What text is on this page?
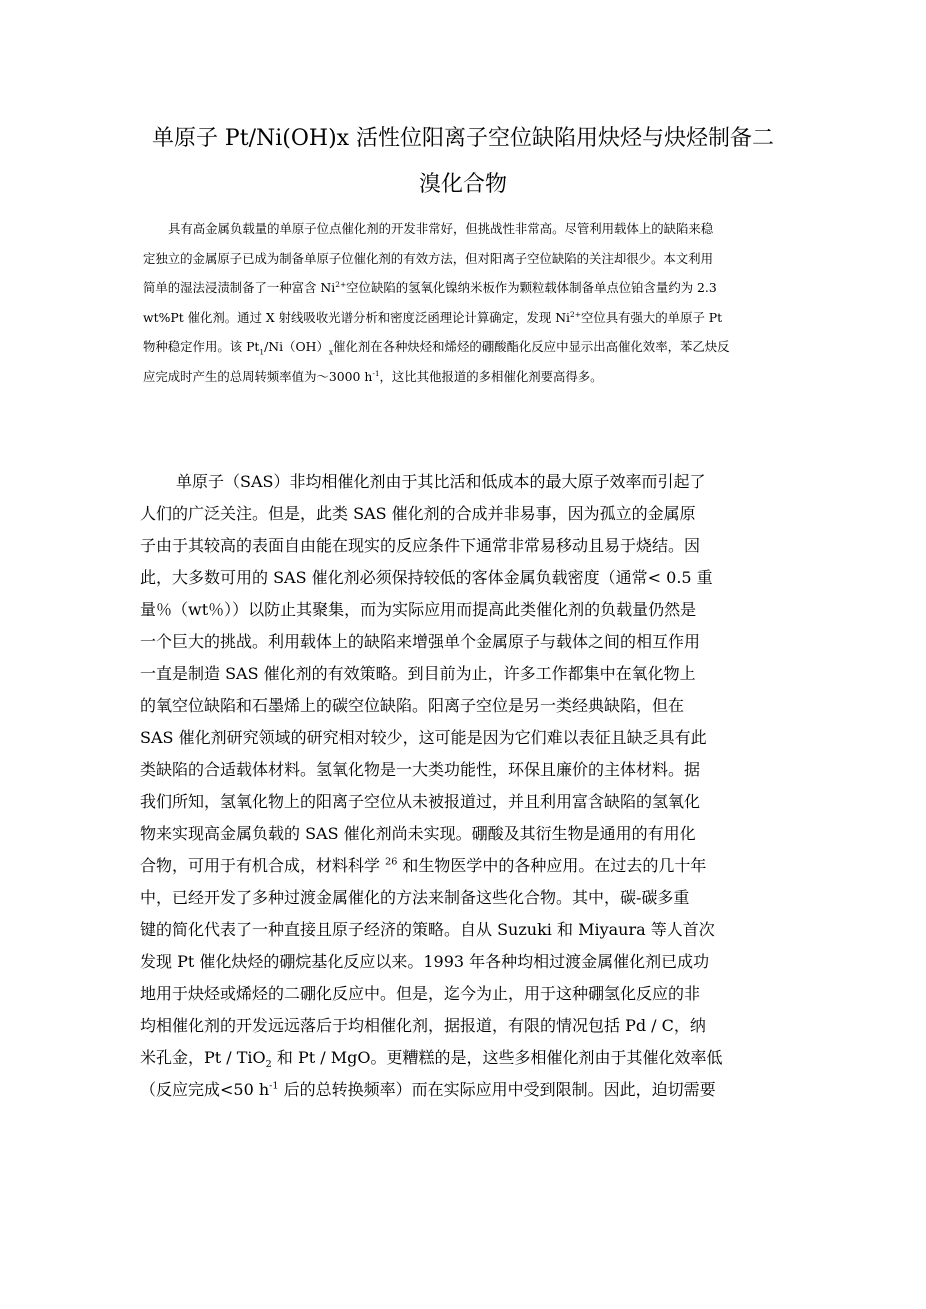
单原子 Pt/Ni(OH)x 活性位阳离子空位缺陷用炔烃与炔烃制备二
溴化合物
具有高金属负载量的单原子位点催化剂的开发非常好，但挑战性非常高。尽管利用载体上的缺陷来稳
定独立的金属原子已成为制备单原子位催化剂的有效方法，但对阳离子空位缺陷的关注却很少。本文利用
简单的湿法浸渍制备了一种富含 $Ni^{2+}$空位缺陷的氢氧化镍纳米板作为颗粒载体制备单点位铂含量约为 2.3
wt%Pt 催化剂。通过 X 射线吸收光谱分析和密度泛函理论计算确定，发现 $Ni^{2+}$空位具有强大的单原子 Pt
物种稳定作用。该 $Pt_1/Ni(OH)_x$催化剂在各种炔烃和烯烃的硼酸酯化反应中显示出高催化效率，苯乙炔反
应完成时产生的总周转频率值为～3000 $h^{-1}$，这比其他报道的多相催化剂要高得多。
单原子（SAS）非均相催化剂由于其比活和低成本的最大原子效率而引起了
人们的广泛关注。但是，此类 SAS 催化剂的合成并非易事，因为孤立的金属原
子由于其较高的表面自由能在现实的反应条件下通常非常易移动且易于烧结。因
此，大多数可用的 SAS 催化剂必须保持较低的客体金属负载密度（通常< 0.5 重
量％（wt％））以防止其聚集，而为实际应用而提高此类催化剂的负载量仍然是
一个巨大的挑战。利用载体上的缺陷来增强单个金属原子与载体之间的相互作用
一直是制造 SAS 催化剂的有效策略。到目前为止，许多工作都集中在氧化物上
的氧空位缺陷和石墨烯上的碳空位缺陷。阳离子空位是另一类经典缺陷，但在
SAS 催化剂研究领域的研究相对较少，这可能是因为它们难以表征且缺乏具有此
类缺陷的合适载体材料。氢氧化物是一大类功能性，环保且廉价的主体材料。据
我们所知，氢氧化物上的阳离子空位从未被报道过，并且利用富含缺陷的氢氧化
物来实现高金属负载的 SAS 催化剂尚未实现。硼酸及其衍生物是通用的有用化
合物，可用于有机合成，材料科学 $^{26}$ 和生物医学中的各种应用。在过去的几十年
中，已经开发了多种过渡金属催化的方法来制备这些化合物。其中，碳-碳多重
键的简化代表了一种直接且原子经济的策略。自从 Suzuki 和 Miyaura 等人首次
发现 Pt 催化炔烃的硼烷基化反应以来。1993 年各种均相过渡金属催化剂已成功
地用于炔烃或烯烃的二硼化反应中。但是，迄今为止，用于这种硼氢化反应的非
均相催化剂的开发远远落后于均相催化剂，据报道，有限的情况包括 Pd / C，纳
米孔金，Pt / TiO$_2$ 和 Pt / MgO。更糟糕的是，这些多相催化剂由于其催化效率低
（反应完成<50 $h^{-1}$ 后的总转换频率）而在实际应用中受到限制。因此，迫切需要
